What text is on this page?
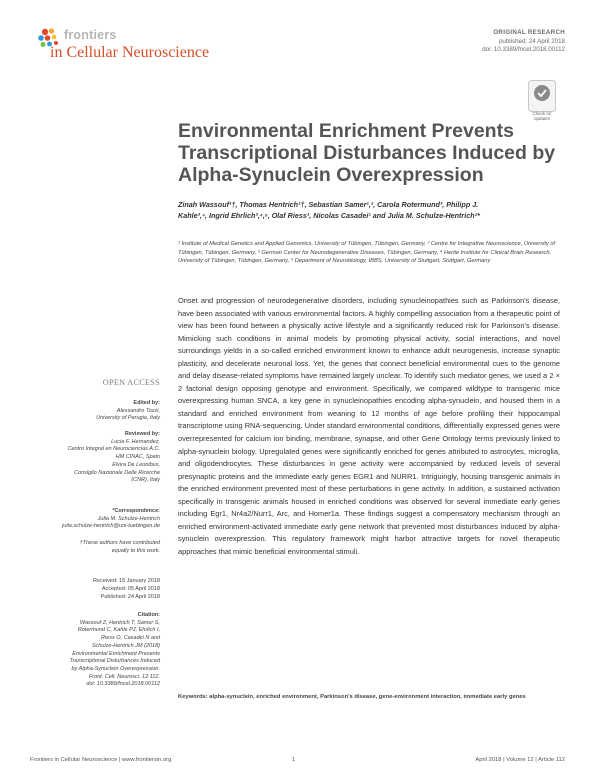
frontiers
in Cellular Neuroscience
ORIGINAL RESEARCH
published: 24 April 2018
doi: 10.3389/fncel.2018.00112
Check for updates
Environmental Enrichment Prevents Transcriptional Disturbances Induced by Alpha-Synuclein Overexpression
Zinah Wassouf¹†, Thomas Hentrich¹†, Sebastian Samer¹,², Carola Rotermund³, Philipp J. Kahle³,⁴, Ingrid Ehrlich³,⁴,⁵, Olaf Riess¹, Nicolas Casadei¹ and Julia M. Schulze-Hentrich¹*
¹ Institute of Medical Genetics and Applied Genomics, University of Tübingen, Tübingen, Germany, ² Centre for Integrative Neuroscience, University of Tübingen, Tübingen, Germany, ³ German Center for Neurodegenerative Diseases, Tübingen, Germany, ⁴ Hertie Institute for Clinical Brain Research, University of Tübingen, Tübingen, Germany, ⁵ Department of Neurobiology, IBBS, University of Stuttgart, Stuttgart, Germany

Onset and progression of neurodegenerative disorders, including synucleinopathies such as Parkinson's disease, have been associated with various environmental factors. A highly compelling association from a therapeutic point of view has been found between a physically active lifestyle and a significantly reduced risk for Parkinson's disease. Mimicking such conditions in animal models by promoting physical activity, social interactions, and novel surroundings yields in a so-called enriched environment known to enhance adult neurogenesis, increase synaptic plasticity, and decelerate neuronal loss. Yet, the genes that connect beneficial environmental cues to the genome and delay disease-related symptoms have remained largely unclear. To identify such mediator genes, we used a 2 × 2 factorial design opposing genotype and environment. Specifically, we compared wildtype to transgenic mice overexpressing human SNCA, a key gene in synucleinopathies encoding alpha-synuclein, and housed them in a standard and enriched environment from weaning to 12 months of age before profiling their hippocampal transcriptome using RNA-sequencing. Under standard environmental conditions, differentially expressed genes were overrepresented for calcium ion binding, membrane, synapse, and other Gene Ontology terms previously linked to alpha-synuclein biology. Upregulated genes were significantly enriched for genes attributed to astrocytes, microglia, and oligodendrocytes. These disturbances in gene activity were accompanied by reduced levels of several presynaptic proteins and the immediate early genes EGR1 and NURR1. Intriguingly, housing transgenic animals in the enriched environment prevented most of these perturbations in gene activity. In addition, a sustained activation specifically in transgenic animals housed in enriched conditions was observed for several immediate early genes including Egr1, Nr4a2/Nurr1, Arc, and Homer1a. These findings suggest a compensatory mechanism through an enriched environment-activated immediate early gene network that prevented most disturbances induced by alpha-synuclein overexpression. This regulatory framework might harbor attractive targets for novel therapeutic approaches that mimic beneficial environmental stimuli.

Keywords: alpha-synuclein, enriched environment, Parkinson's disease, gene-environment interaction, immediate early genes
OPEN ACCESS
Edited by:
Alessandro Tozzi,
University of Perugia, Italy
Reviewed by:
Lucia F. Hernandez,
Centro Integral en Neurociencias A.C.
HM CINAC, Spain
Elvira De Leonibus,
Consiglio Nazionale Delle Ricerche
(CNR), Italy
*Correspondence:
Julia M. Schulze-Hentrich
julia.schulze-hentrich@uni-tuebingen.de
†These authors have contributed
equally to this work.
Received: 15 January 2018
Accepted: 05 April 2018
Published: 24 April 2018
Citation:
Wassouf Z, Hentrich T, Samer S,
Rotermund C, Kahle PJ, Ehrlich I,
Riess O, Casadei N and
Schulze-Hentrich JM (2018)
Environmental Enrichment Prevents
Transcriptional Disturbances Induced
by Alpha-Synuclein Overexpression.
Front. Cell. Neurosci. 12:112.
doi: 10.3389/fncel.2018.00112
Frontiers in Cellular Neuroscience | www.frontiersin.org	1	April 2018 | Volume 12 | Article 112
